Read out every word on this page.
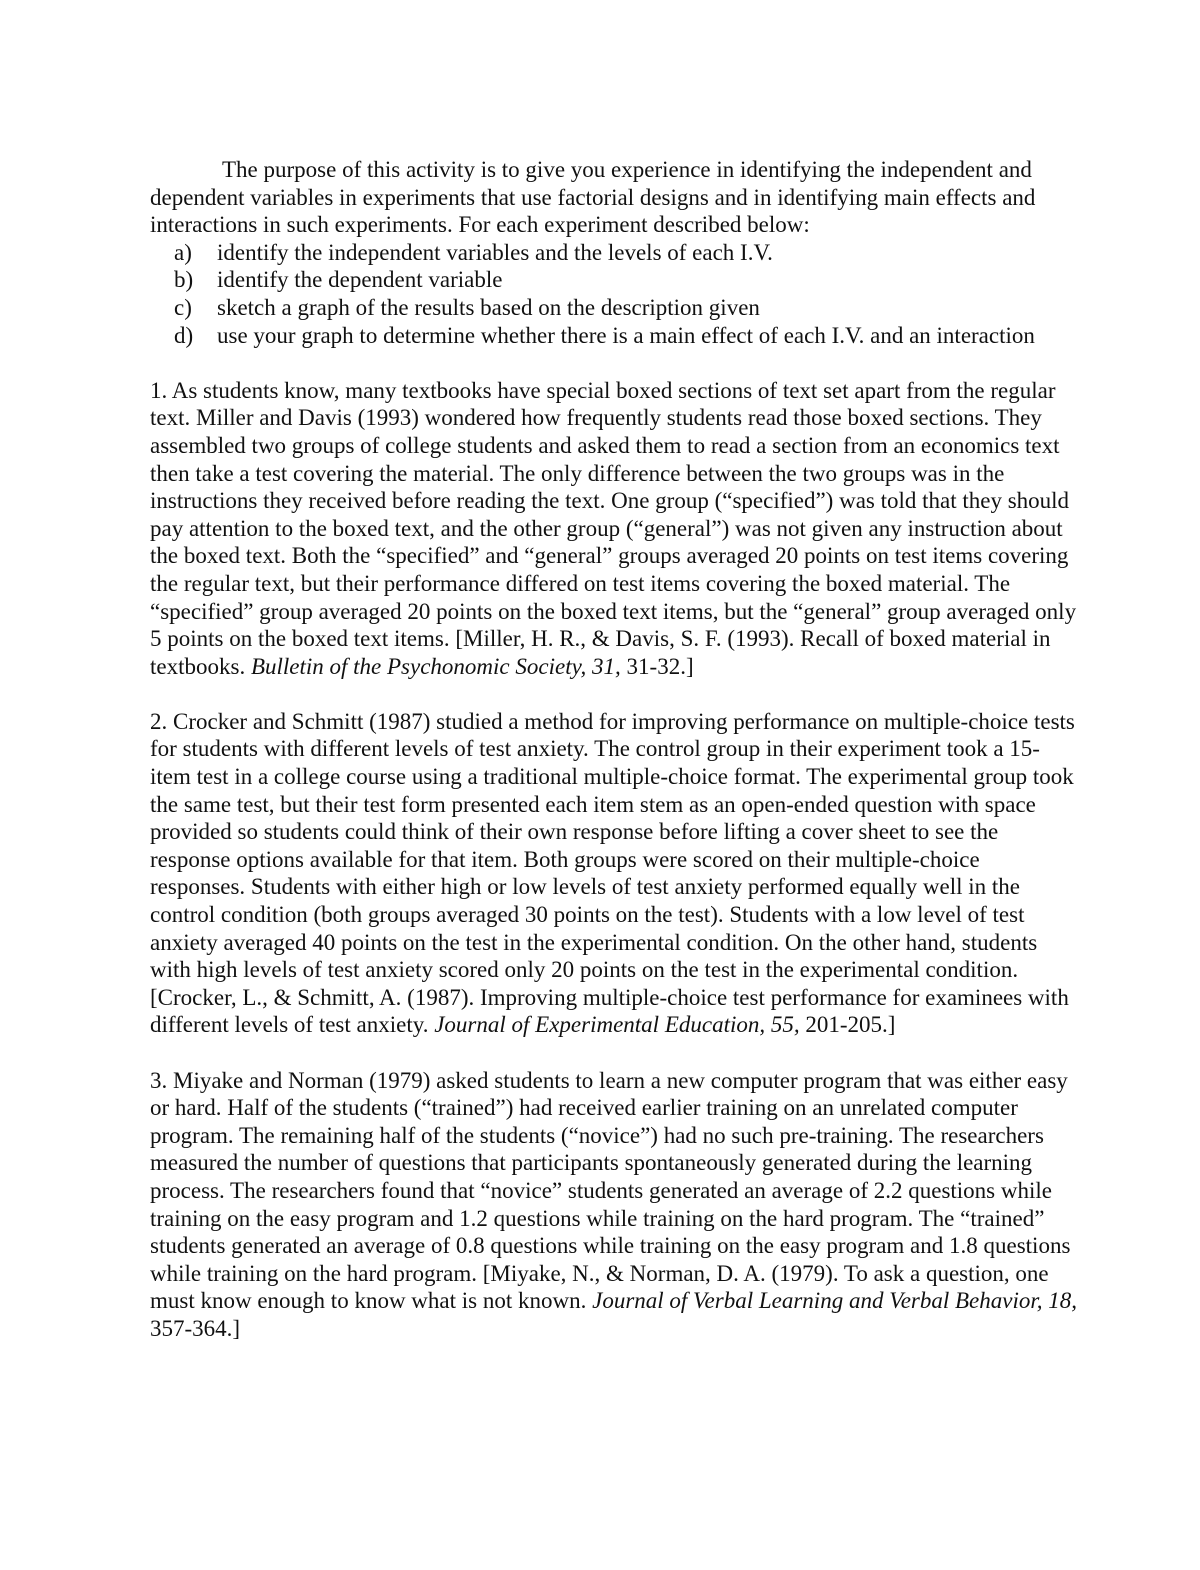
The purpose of this activity is to give you experience in identifying the independent and dependent variables in experiments that use factorial designs and in identifying main effects and interactions in such experiments. For each experiment described below:

a)	identify the independent variables and the levels of each I.V.
b)	identify the dependent variable
c)	sketch a graph of the results based on the description given
d)	use your graph to determine whether there is a main effect of each I.V. and an interaction

1. As students know, many textbooks have special boxed sections of text set apart from the regular text. Miller and Davis (1993) wondered how frequently students read those boxed sections. They assembled two groups of college students and asked them to read a section from an economics text then take a test covering the material. The only difference between the two groups was in the instructions they received before reading the text. One group (“specified”) was told that they should pay attention to the boxed text, and the other group (“general”) was not given any instruction about the boxed text. Both the “specified” and “general” groups averaged 20 points on test items covering the regular text, but their performance differed on test items covering the boxed material. The “specified” group averaged 20 points on the boxed text items, but the “general” group averaged only 5 points on the boxed text items. [Miller, H. R., & Davis, S. F. (1993). Recall of boxed material in textbooks. Bulletin of the Psychonomic Society, 31, 31-32.]

2. Crocker and Schmitt (1987) studied a method for improving performance on multiple-choice tests for students with different levels of test anxiety. The control group in their experiment took a 15-item test in a college course using a traditional multiple-choice format. The experimental group took the same test, but their test form presented each item stem as an open-ended question with space provided so students could think of their own response before lifting a cover sheet to see the response options available for that item. Both groups were scored on their multiple-choice responses. Students with either high or low levels of test anxiety performed equally well in the control condition (both groups averaged 30 points on the test). Students with a low level of test anxiety averaged 40 points on the test in the experimental condition. On the other hand, students with high levels of test anxiety scored only 20 points on the test in the experimental condition. [Crocker, L., & Schmitt, A. (1987). Improving multiple-choice test performance for examinees with different levels of test anxiety. Journal of Experimental Education, 55, 201-205.]

3. Miyake and Norman (1979) asked students to learn a new computer program that was either easy or hard. Half of the students (“trained”) had received earlier training on an unrelated computer program. The remaining half of the students (“novice”) had no such pre-training. The researchers measured the number of questions that participants spontaneously generated during the learning process. The researchers found that “novice” students generated an average of 2.2 questions while training on the easy program and 1.2 questions while training on the hard program. The “trained” students generated an average of 0.8 questions while training on the easy program and 1.8 questions while training on the hard program. [Miyake, N., & Norman, D. A. (1979). To ask a question, one must know enough to know what is not known. Journal of Verbal Learning and Verbal Behavior, 18, 357-364.]
